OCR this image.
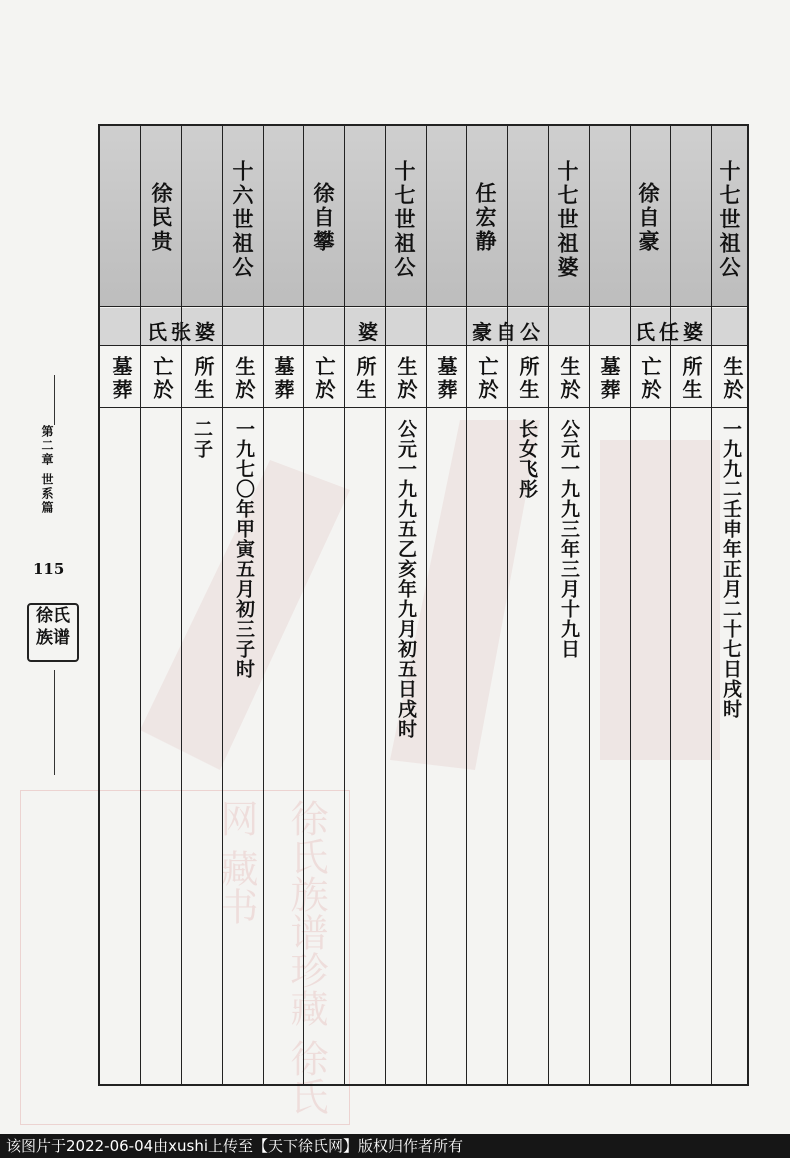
徐氏族谱珍藏 徐氏网 藏书
第二章 世系篇
115
徐氏族谱
十七世祖公
徐自豪
氏任婆
生於
所生
亡於
墓葬
一九九二壬申年正月二十七日戌时
十七世祖婆
任宏静
豪自公
生於
所生
亡於
墓葬
公元一九九三年三月十九日
长女飞彤
十七世祖公
徐自攀
婆
生於
所生
亡於
墓葬
公元一九九五乙亥年九月初五日戌时
十六世祖公
徐民贵
氏张婆
生於
所生
亡於
墓葬
一九七〇年甲寅五月初三子时
二子
该图片于2022-06-04由xushi上传至【天下徐氏网】版权归作者所有
